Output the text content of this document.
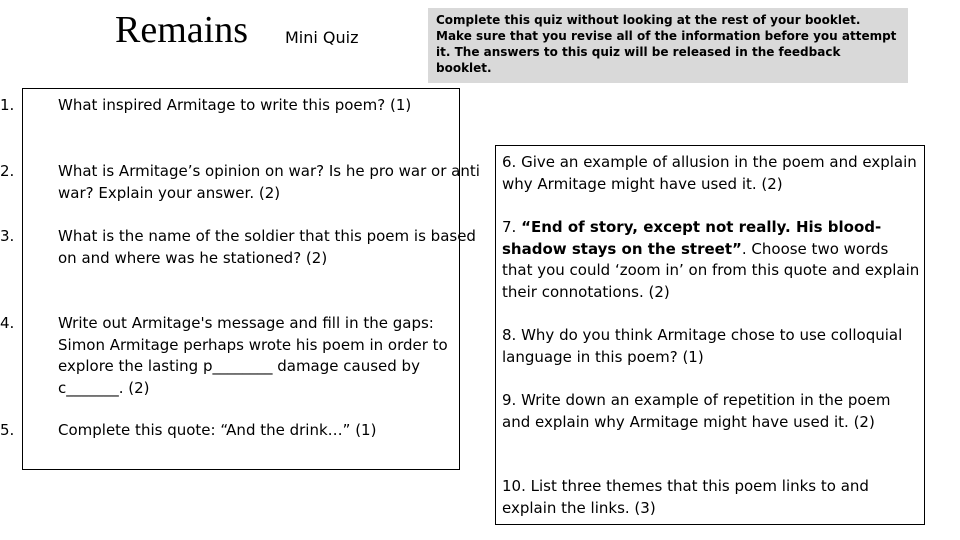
Remains Mini Quiz
Complete this quiz without looking at the rest of your booklet. Make sure that you revise all of the information before you attempt it. The answers to this quiz will be released in the feedback booklet.
1.	What inspired Armitage to write this poem? (1)
2.	What is Armitage’s opinion on war? Is he pro war or anti war? Explain your answer. (2)
3.	What is the name of the soldier that this poem is based on and where was he stationed? (2)
4.	Write out Armitage's message and fill in the gaps: Simon Armitage perhaps wrote his poem in order to explore the lasting p________ damage caused by c_______. (2)
5.	Complete this quote: “And the drink…” (1)
6. Give an example of allusion in the poem and explain why Armitage might have used it. (2)
7. “End of story, except not really. His blood-shadow stays on the street”. Choose two words that you could ‘zoom in’ on from this quote and explain their connotations. (2)
8. Why do you think Armitage chose to use colloquial language in this poem? (1)
9. Write down an example of repetition in the poem and explain why Armitage might have used it. (2)
10. List three themes that this poem links to and explain the links. (3)
